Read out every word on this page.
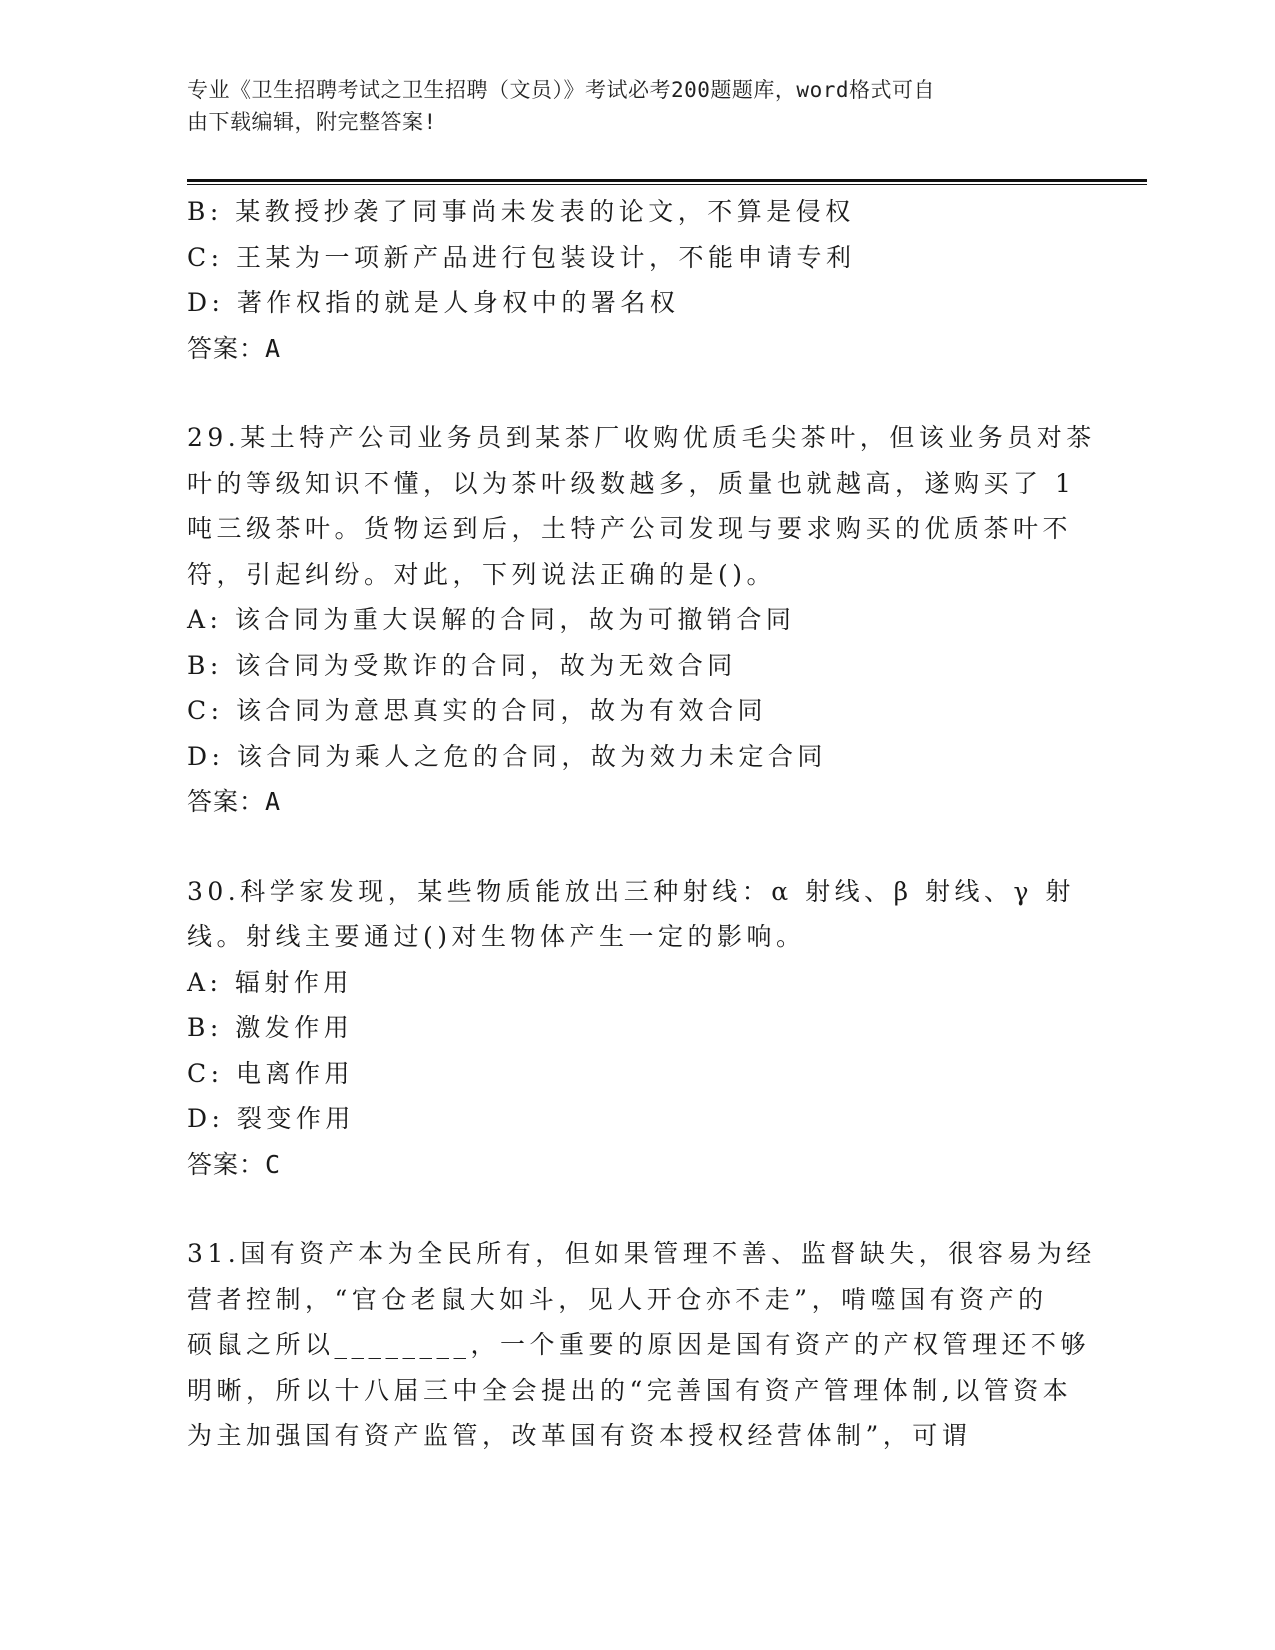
专业《卫生招聘考试之卫生招聘（文员）》考试必考200题题库，word格式可自
由下载编辑，附完整答案!
B: 某教授抄袭了同事尚未发表的论文，不算是侵权
C: 王某为一项新产品进行包装设计，不能申请专利
D: 著作权指的就是人身权中的署名权
答案：A
29.某土特产公司业务员到某茶厂收购优质毛尖茶叶，但该业务员对茶
叶的等级知识不懂，以为茶叶级数越多，质量也就越高，遂购买了 1
吨三级茶叶。货物运到后，土特产公司发现与要求购买的优质茶叶不
符，引起纠纷。对此，下列说法正确的是()。
A: 该合同为重大误解的合同，故为可撤销合同
B: 该合同为受欺诈的合同，故为无效合同
C: 该合同为意思真实的合同，故为有效合同
D: 该合同为乘人之危的合同，故为效力未定合同
答案：A
30.科学家发现，某些物质能放出三种射线：α 射线、β 射线、γ 射
线。射线主要通过()对生物体产生一定的影响。
A: 辐射作用
B: 激发作用
C: 电离作用
D: 裂变作用
答案：C
31.国有资产本为全民所有，但如果管理不善、监督缺失，很容易为经
营者控制，“官仓老鼠大如斗，见人开仓亦不走”，啃噬国有资产的
硕鼠之所以________，一个重要的原因是国有资产的产权管理还不够
明晰，所以十八届三中全会提出的“完善国有资产管理体制,以管资本
为主加强国有资产监管，改革国有资本授权经营体制”，可谓
